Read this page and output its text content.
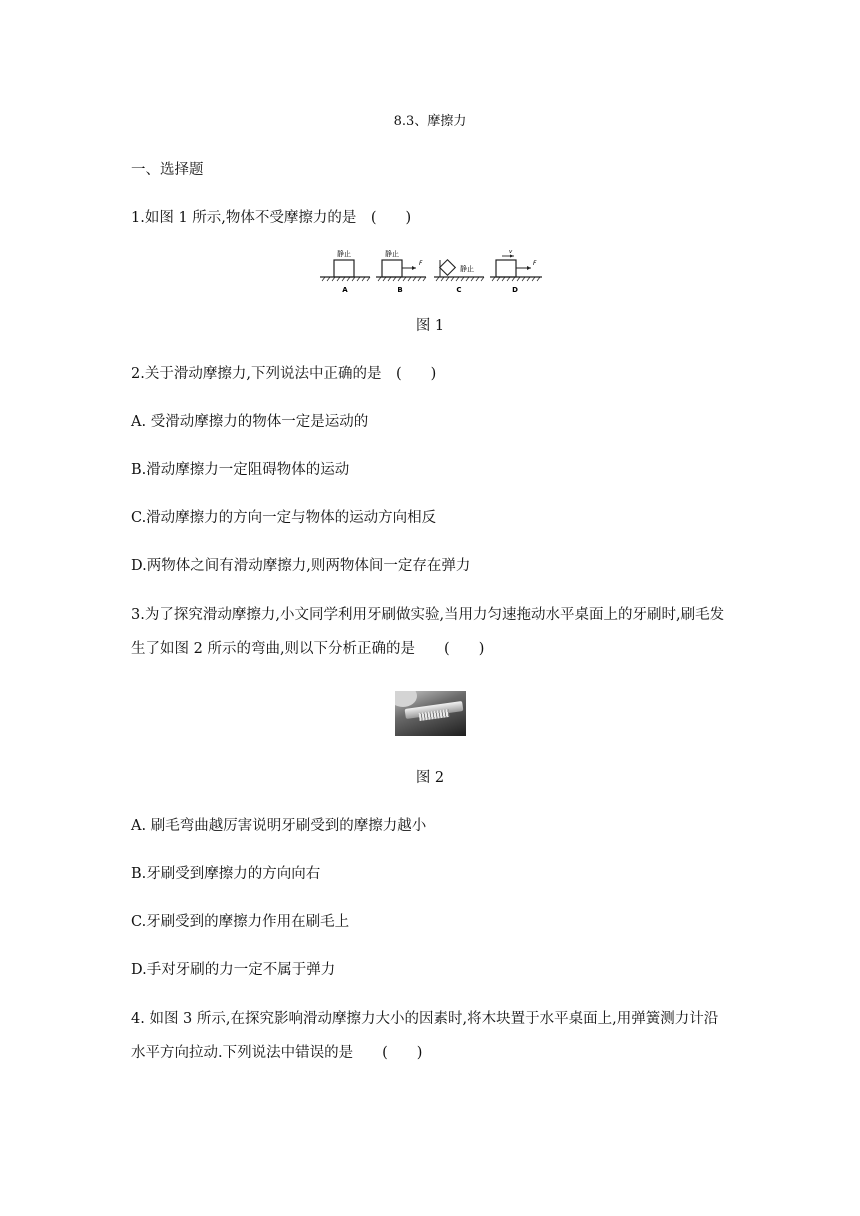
8.3、摩擦力
一、选择题
1.如图 1 所示,物体不受摩擦力的是　(　　)
静止
A
F
静止
B
静止
C
v
F
D
图 1
2.关于滑动摩擦力,下列说法中正确的是　(　　)
A. 受滑动摩擦力的物体一定是运动的
B.滑动摩擦力一定阻碍物体的运动
C.滑动摩擦力的方向一定与物体的运动方向相反
D.两物体之间有滑动摩擦力,则两物体间一定存在弹力
3.为了探究滑动摩擦力,小文同学利用牙刷做实验,当用力匀速拖动水平桌面上的牙刷时,刷毛发生了如图 2 所示的弯曲,则以下分析正确的是　　(　　)
图 2
A. 刷毛弯曲越厉害说明牙刷受到的摩擦力越小
B.牙刷受到摩擦力的方向向右
C.牙刷受到的摩擦力作用在刷毛上
D.手对牙刷的力一定不属于弹力
4. 如图 3 所示,在探究影响滑动摩擦力大小的因素时,将木块置于水平桌面上,用弹簧测力计沿水平方向拉动.下列说法中错误的是　　(　　)
